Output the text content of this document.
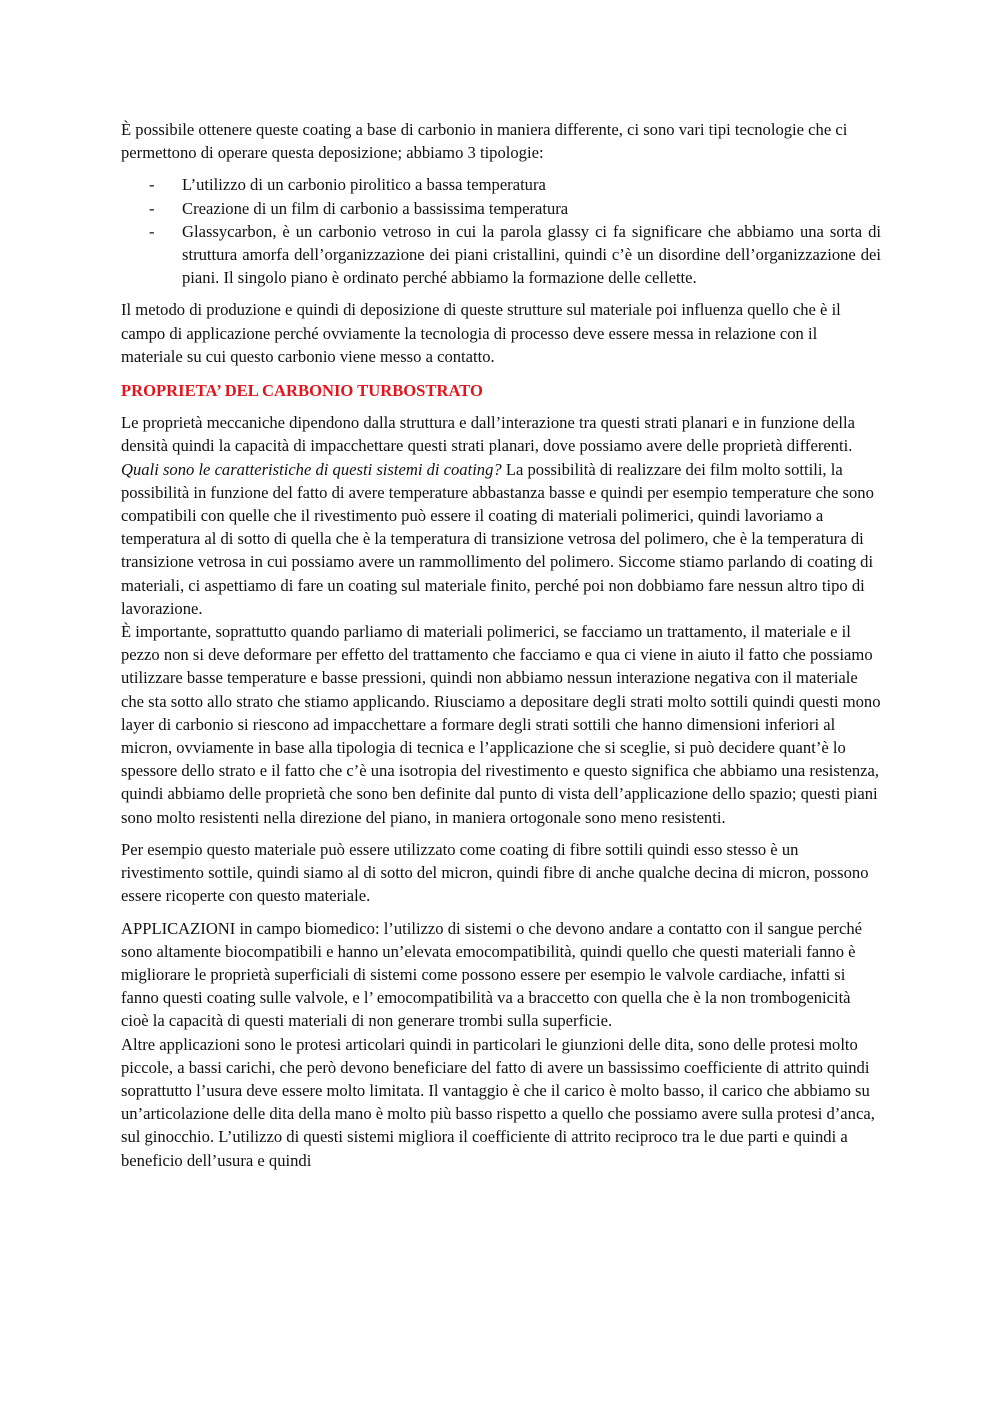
È possibile ottenere queste coating a base di carbonio in maniera differente, ci sono vari tipi tecnologie che ci permettono di operare questa deposizione; abbiamo 3 tipologie:

- L’utilizzo di un carbonio pirolitico a bassa temperatura
- Creazione di un film di carbonio a bassissima temperatura
- Glassycarbon, è un carbonio vetroso in cui la parola glassy ci fa significare che abbiamo una sorta di struttura amorfa dell’organizzazione dei piani cristallini, quindi c’è un disordine dell’organizzazione dei piani. Il singolo piano è ordinato perché abbiamo la formazione delle cellette.

Il metodo di produzione e quindi di deposizione di queste strutture sul materiale poi influenza quello che è il campo di applicazione perché ovviamente la tecnologia di processo deve essere messa in relazione con il materiale su cui questo carbonio viene messo a contatto.

PROPRIETA’ DEL CARBONIO TURBOSTRATO

Le proprietà meccaniche dipendono dalla struttura e dall’interazione tra questi strati planari e in funzione della densità quindi la capacità di impacchettare questi strati planari, dove possiamo avere delle proprietà differenti.

Quali sono le caratteristiche di questi sistemi di coating? La possibilità di realizzare dei film molto sottili, la possibilità in funzione del fatto di avere temperature abbastanza basse e quindi per esempio temperature che sono compatibili con quelle che il rivestimento può essere il coating di materiali polimerici, quindi lavoriamo a temperatura al di sotto di quella che è la temperatura di transizione vetrosa del polimero, che è la temperatura di transizione vetrosa in cui possiamo avere un rammollimento del polimero. Siccome stiamo parlando di coating di materiali, ci aspettiamo di fare un coating sul materiale finito, perché poi non dobbiamo fare nessun altro tipo di lavorazione.

È importante, soprattutto quando parliamo di materiali polimerici, se facciamo un trattamento, il materiale e il pezzo non si deve deformare per effetto del trattamento che facciamo e qua ci viene in aiuto il fatto che possiamo utilizzare basse temperature e basse pressioni, quindi non abbiamo nessun interazione negativa con il materiale che sta sotto allo strato che stiamo applicando. Riusciamo a depositare degli strati molto sottili quindi questi mono layer di carbonio si riescono ad impacchettare a formare degli strati sottili che hanno dimensioni inferiori al micron, ovviamente in base alla tipologia di tecnica e l’applicazione che si sceglie, si può decidere quant’è lo spessore dello strato e il fatto che c’è una isotropia del rivestimento e questo significa che abbiamo una resistenza, quindi abbiamo delle proprietà che sono ben definite dal punto di vista dell’applicazione dello spazio; questi piani sono molto resistenti nella direzione del piano, in maniera ortogonale sono meno resistenti.

Per esempio questo materiale può essere utilizzato come coating di fibre sottili quindi esso stesso è un rivestimento sottile, quindi siamo al di sotto del micron, quindi fibre di anche qualche decina di micron, possono essere ricoperte con questo materiale.

APPLICAZIONI in campo biomedico: l’utilizzo di sistemi o che devono andare a contatto con il sangue perché sono altamente biocompatibili e hanno un’elevata emocompatibilità, quindi quello che questi materiali fanno è migliorare le proprietà superficiali di sistemi come possono essere per esempio le valvole cardiache, infatti si fanno questi coating sulle valvole, e l’ emocompatibilità va a braccetto con quella che è la non trombogenicità cioè la capacità di questi materiali di non generare trombi sulla superficie.

Altre applicazioni sono le protesi articolari quindi in particolari le giunzioni delle dita, sono delle protesi molto piccole, a bassi carichi, che però devono beneficiare del fatto di avere un bassissimo coefficiente di attrito quindi soprattutto l’usura deve essere molto limitata. Il vantaggio è che il carico è molto basso, il carico che abbiamo su un’articolazione delle dita della mano è molto più basso rispetto a quello che possiamo avere sulla protesi d’anca, sul ginocchio. L’utilizzo di questi sistemi migliora il coefficiente di attrito reciproco tra le due parti e quindi a beneficio dell’usura e quindi
